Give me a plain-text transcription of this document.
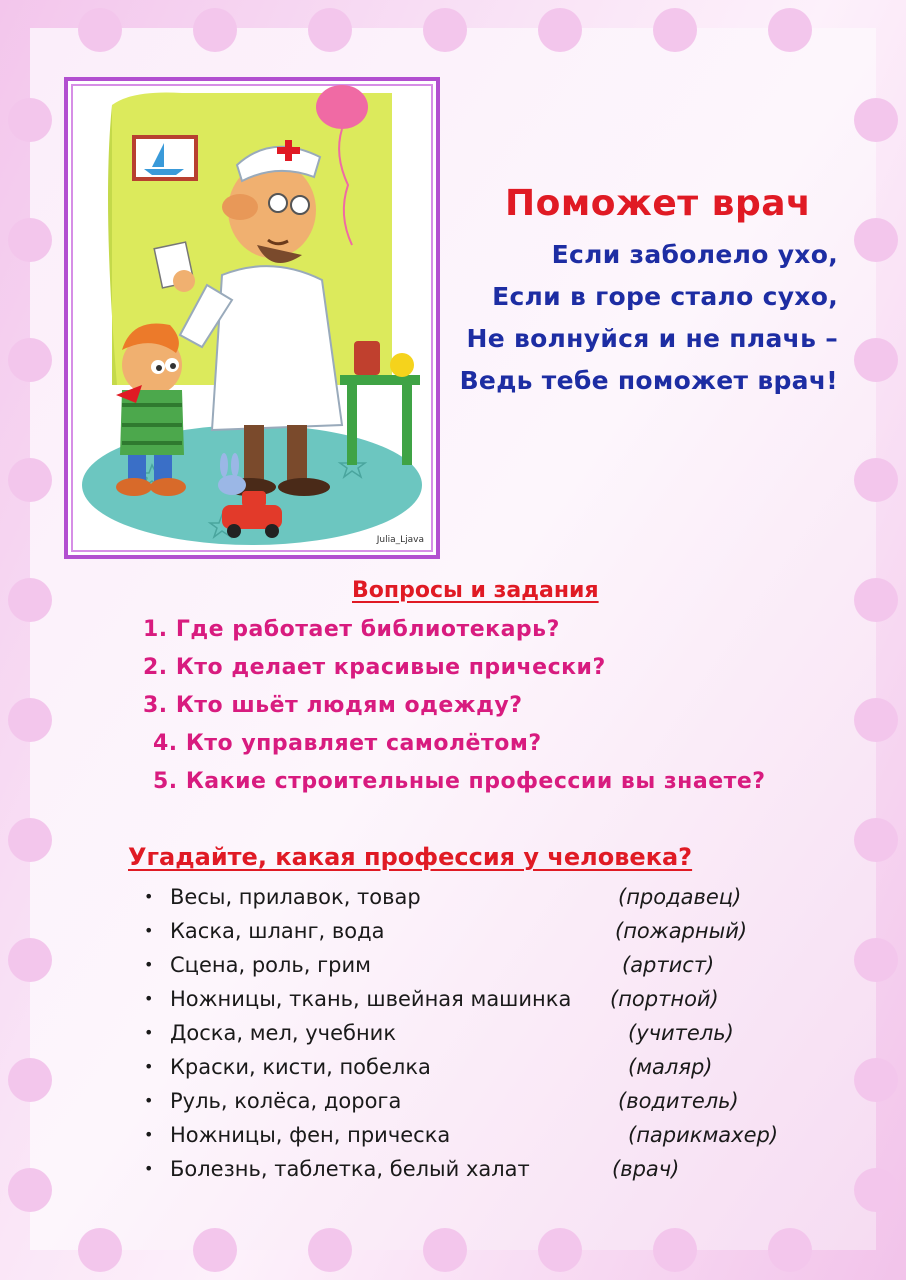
Julia_Ljava
Поможет врач
Если заболело ухо,
Если в горе стало сухо,
Не волнуйся и не плачь –
Ведь тебе поможет врач!
Вопросы и задания
1. Где работает библиотекарь?
2. Кто делает красивые прически?
3. Кто шьёт людям одежду?
4. Кто управляет самолётом?
5. Какие строительные профессии вы знаете?
Угадайте, какая профессия у человека?
• Весы, прилавок, товар	(продавец)
• Каска, шланг, вода	(пожарный)
• Сцена, роль, грим	(артист)
• Ножницы, ткань, швейная машинка (портной)
• Доска, мел, учебник	(учитель)
• Краски, кисти, побелка	(маляр)
• Руль, колёса, дорога	(водитель)
• Ножницы, фен, прическа	(парикмахер)
• Болезнь, таблетка, белый халат	(врач)
